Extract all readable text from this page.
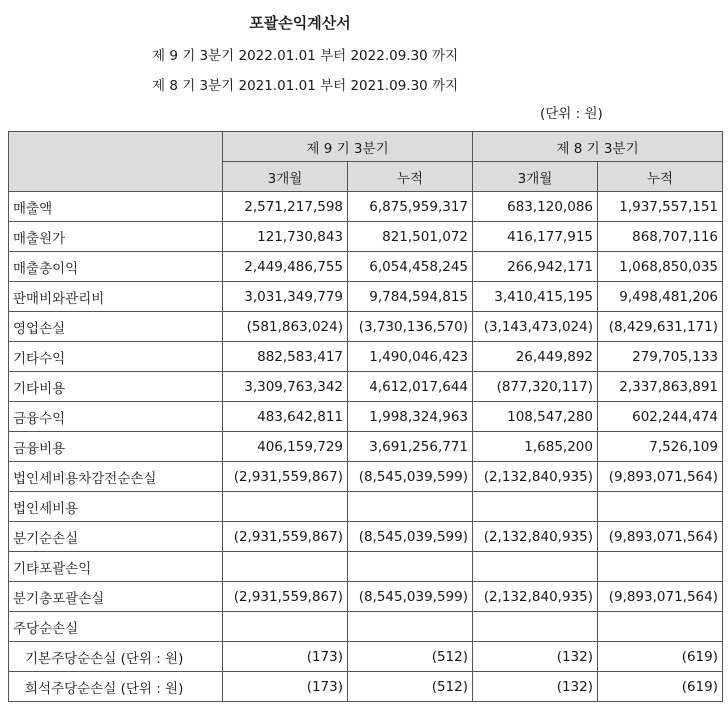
포괄손익계산서
제 9 기 3분기 2022.01.01 부터 2022.09.30 까지
제 8 기 3분기 2021.01.01 부터 2021.09.30 까지
(단위 : 원)
	제 9 기 3분기		제 8 기 3분기	
	3개월	누적	3개월	누적
매출액	2,571,217,598	6,875,959,317	683,120,086	1,937,557,151
매출원가	121,730,843	821,501,072	416,177,915	868,707,116
매출총이익	2,449,486,755	6,054,458,245	266,942,171	1,068,850,035
판매비와관리비	3,031,349,779	9,784,594,815	3,410,415,195	9,498,481,206
영업손실	(581,863,024)	(3,730,136,570)	(3,143,473,024)	(8,429,631,171)
기타수익	882,583,417	1,490,046,423	26,449,892	279,705,133
기타비용	3,309,763,342	4,612,017,644	(877,320,117)	2,337,863,891
금융수익	483,642,811	1,998,324,963	108,547,280	602,244,474
금융비용	406,159,729	3,691,256,771	1,685,200	7,526,109
법인세비용차감전순손실	(2,931,559,867)	(8,545,039,599)	(2,132,840,935)	(9,893,071,564)
법인세비용				
분기순손실	(2,931,559,867)	(8,545,039,599)	(2,132,840,935)	(9,893,071,564)
기타포괄손익				
분기총포괄손실	(2,931,559,867)	(8,545,039,599)	(2,132,840,935)	(9,893,071,564)
주당순손실				
기본주당순손실 (단위 : 원)	(173)	(512)	(132)	(619)
희석주당순손실 (단위 : 원)	(173)	(512)	(132)	(619)
